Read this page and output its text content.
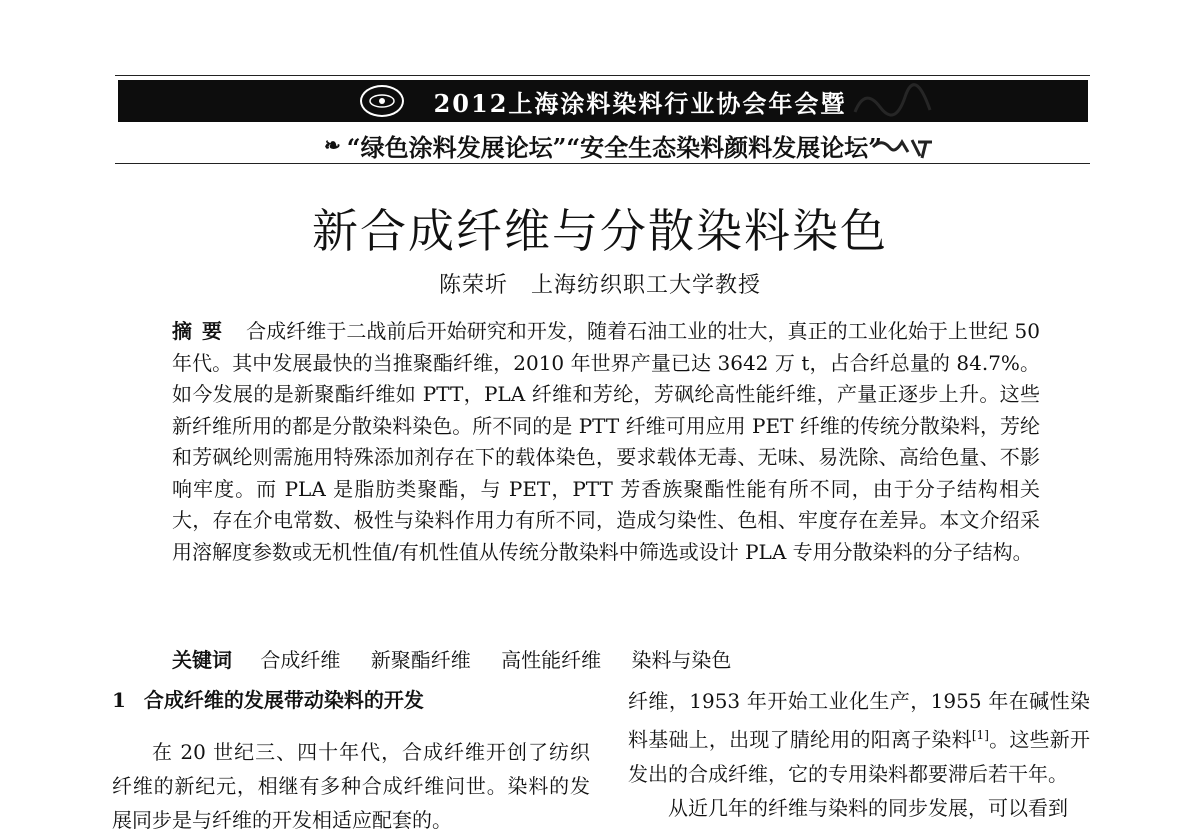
2012上海涂料染料行业协会年会暨
❧ “绿色涂料发展论坛”“安全生态染料颜料发展论坛”
新合成纤维与分散染料染色
陈荣圻　上海纺织职工大学教授
摘要 合成纤维于二战前后开始研究和开发，随着石油工业的壮大，真正的工业化始于上世纪 50 年代。其中发展最快的当推聚酯纤维，2010 年世界产量已达 3642 万 t，占合纤总量的 84.7%。如今发展的是新聚酯纤维如 PTT，PLA 纤维和芳纶，芳砜纶高性能纤维，产量正逐步上升。这些新纤维所用的都是分散染料染色。所不同的是 PTT 纤维可用应用 PET 纤维的传统分散染料，芳纶和芳砜纶则需施用特殊添加剂存在下的载体染色，要求载体无毒、无味、易洗除、高给色量、不影响牢度。而 PLA 是脂肪类聚酯，与 PET，PTT 芳香族聚酯性能有所不同，由于分子结构相关大，存在介电常数、极性与染料作用力有所不同，造成匀染性、色相、牢度存在差异。本文介绍采用溶解度参数或无机性值/有机性值从传统分散染料中筛选或设计 PLA 专用分散染料的分子结构。
关键词 合成纤维 新聚酯纤维 高性能纤维 染料与染色
1 合成纤维的发展带动染料的开发
在 20 世纪三、四十年代，合成纤维开创了纺织纤维的新纪元，相继有多种合成纤维问世。染料的发展同步是与纤维的开发相适应配套的。

纤维，1953 年开始工业化生产，1955 年在碱性染料基础上，出现了腈纶用的阳离子染料[1]。这些新开发出的合成纤维，它的专用染料都要滞后若干年。

从近几年的纤维与染料的同步发展，可以看到
